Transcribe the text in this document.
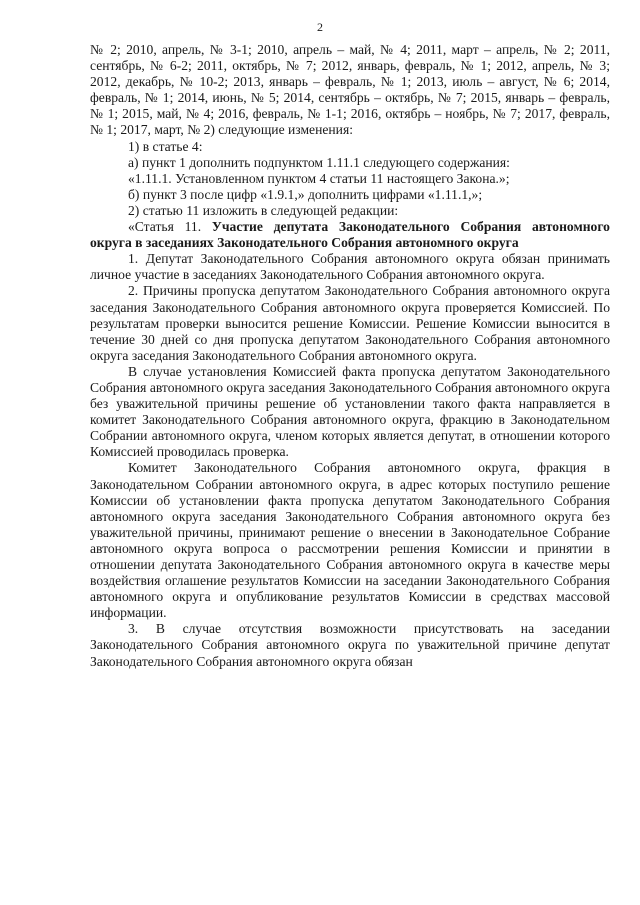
2

№ 2; 2010, апрель, № 3-1; 2010, апрель – май, № 4; 2011, март – апрель, № 2; 2011, сентябрь, № 6-2; 2011, октябрь, № 7; 2012, январь, февраль, № 1; 2012, апрель, № 3; 2012, декабрь, № 10-2; 2013, январь – февраль, № 1; 2013, июль – август, № 6; 2014, февраль, № 1; 2014, июнь, № 5; 2014, сентябрь – октябрь, № 7; 2015, январь – февраль, № 1; 2015, май, № 4; 2016, февраль, № 1-1; 2016, октябрь – ноябрь, № 7; 2017, февраль, № 1; 2017, март, № 2) следующие изменения:

1) в статье 4:

а) пункт 1 дополнить подпунктом 1.11.1 следующего содержания:

«1.11.1. Установленном пунктом 4 статьи 11 настоящего Закона.»;

б) пункт 3 после цифр «1.9.1,» дополнить цифрами «1.11.1,»;

2) статью 11 изложить в следующей редакции:

«Статья 11. Участие депутата Законодательного Собрания автономного округа в заседаниях Законодательного Собрания автономного округа

1. Депутат Законодательного Собрания автономного округа обязан принимать личное участие в заседаниях Законодательного Собрания автономного округа.

2. Причины пропуска депутатом Законодательного Собрания автономного округа заседания Законодательного Собрания автономного округа проверяется Комиссией. По результатам проверки выносится решение Комиссии. Решение Комиссии выносится в течение 30 дней со дня пропуска депутатом Законодательного Собрания автономного округа заседания Законодательного Собрания автономного округа.

В случае установления Комиссией факта пропуска депутатом Законодательного Собрания автономного округа заседания Законодательного Собрания автономного округа без уважительной причины решение об установлении такого факта направляется в комитет Законодательного Собрания автономного округа, фракцию в Законодательном Собрании автономного округа, членом которых является депутат, в отношении которого Комиссией проводилась проверка.

Комитет Законодательного Собрания автономного округа, фракция в Законодательном Собрании автономного округа, в адрес которых поступило решение Комиссии об установлении факта пропуска депутатом Законодательного Собрания автономного округа заседания Законодательного Собрания автономного округа без уважительной причины, принимают решение о внесении в Законодательное Собрание автономного округа вопроса о рассмотрении решения Комиссии и принятии в отношении депутата Законодательного Собрания автономного округа в качестве меры воздействия оглашение результатов Комиссии на заседании Законодательного Собрания автономного округа и опубликование результатов Комиссии в средствах массовой информации.

3. В случае отсутствия возможности присутствовать на заседании Законодательного Собрания автономного округа по уважительной причине депутат Законодательного Собрания автономного округа обязан
